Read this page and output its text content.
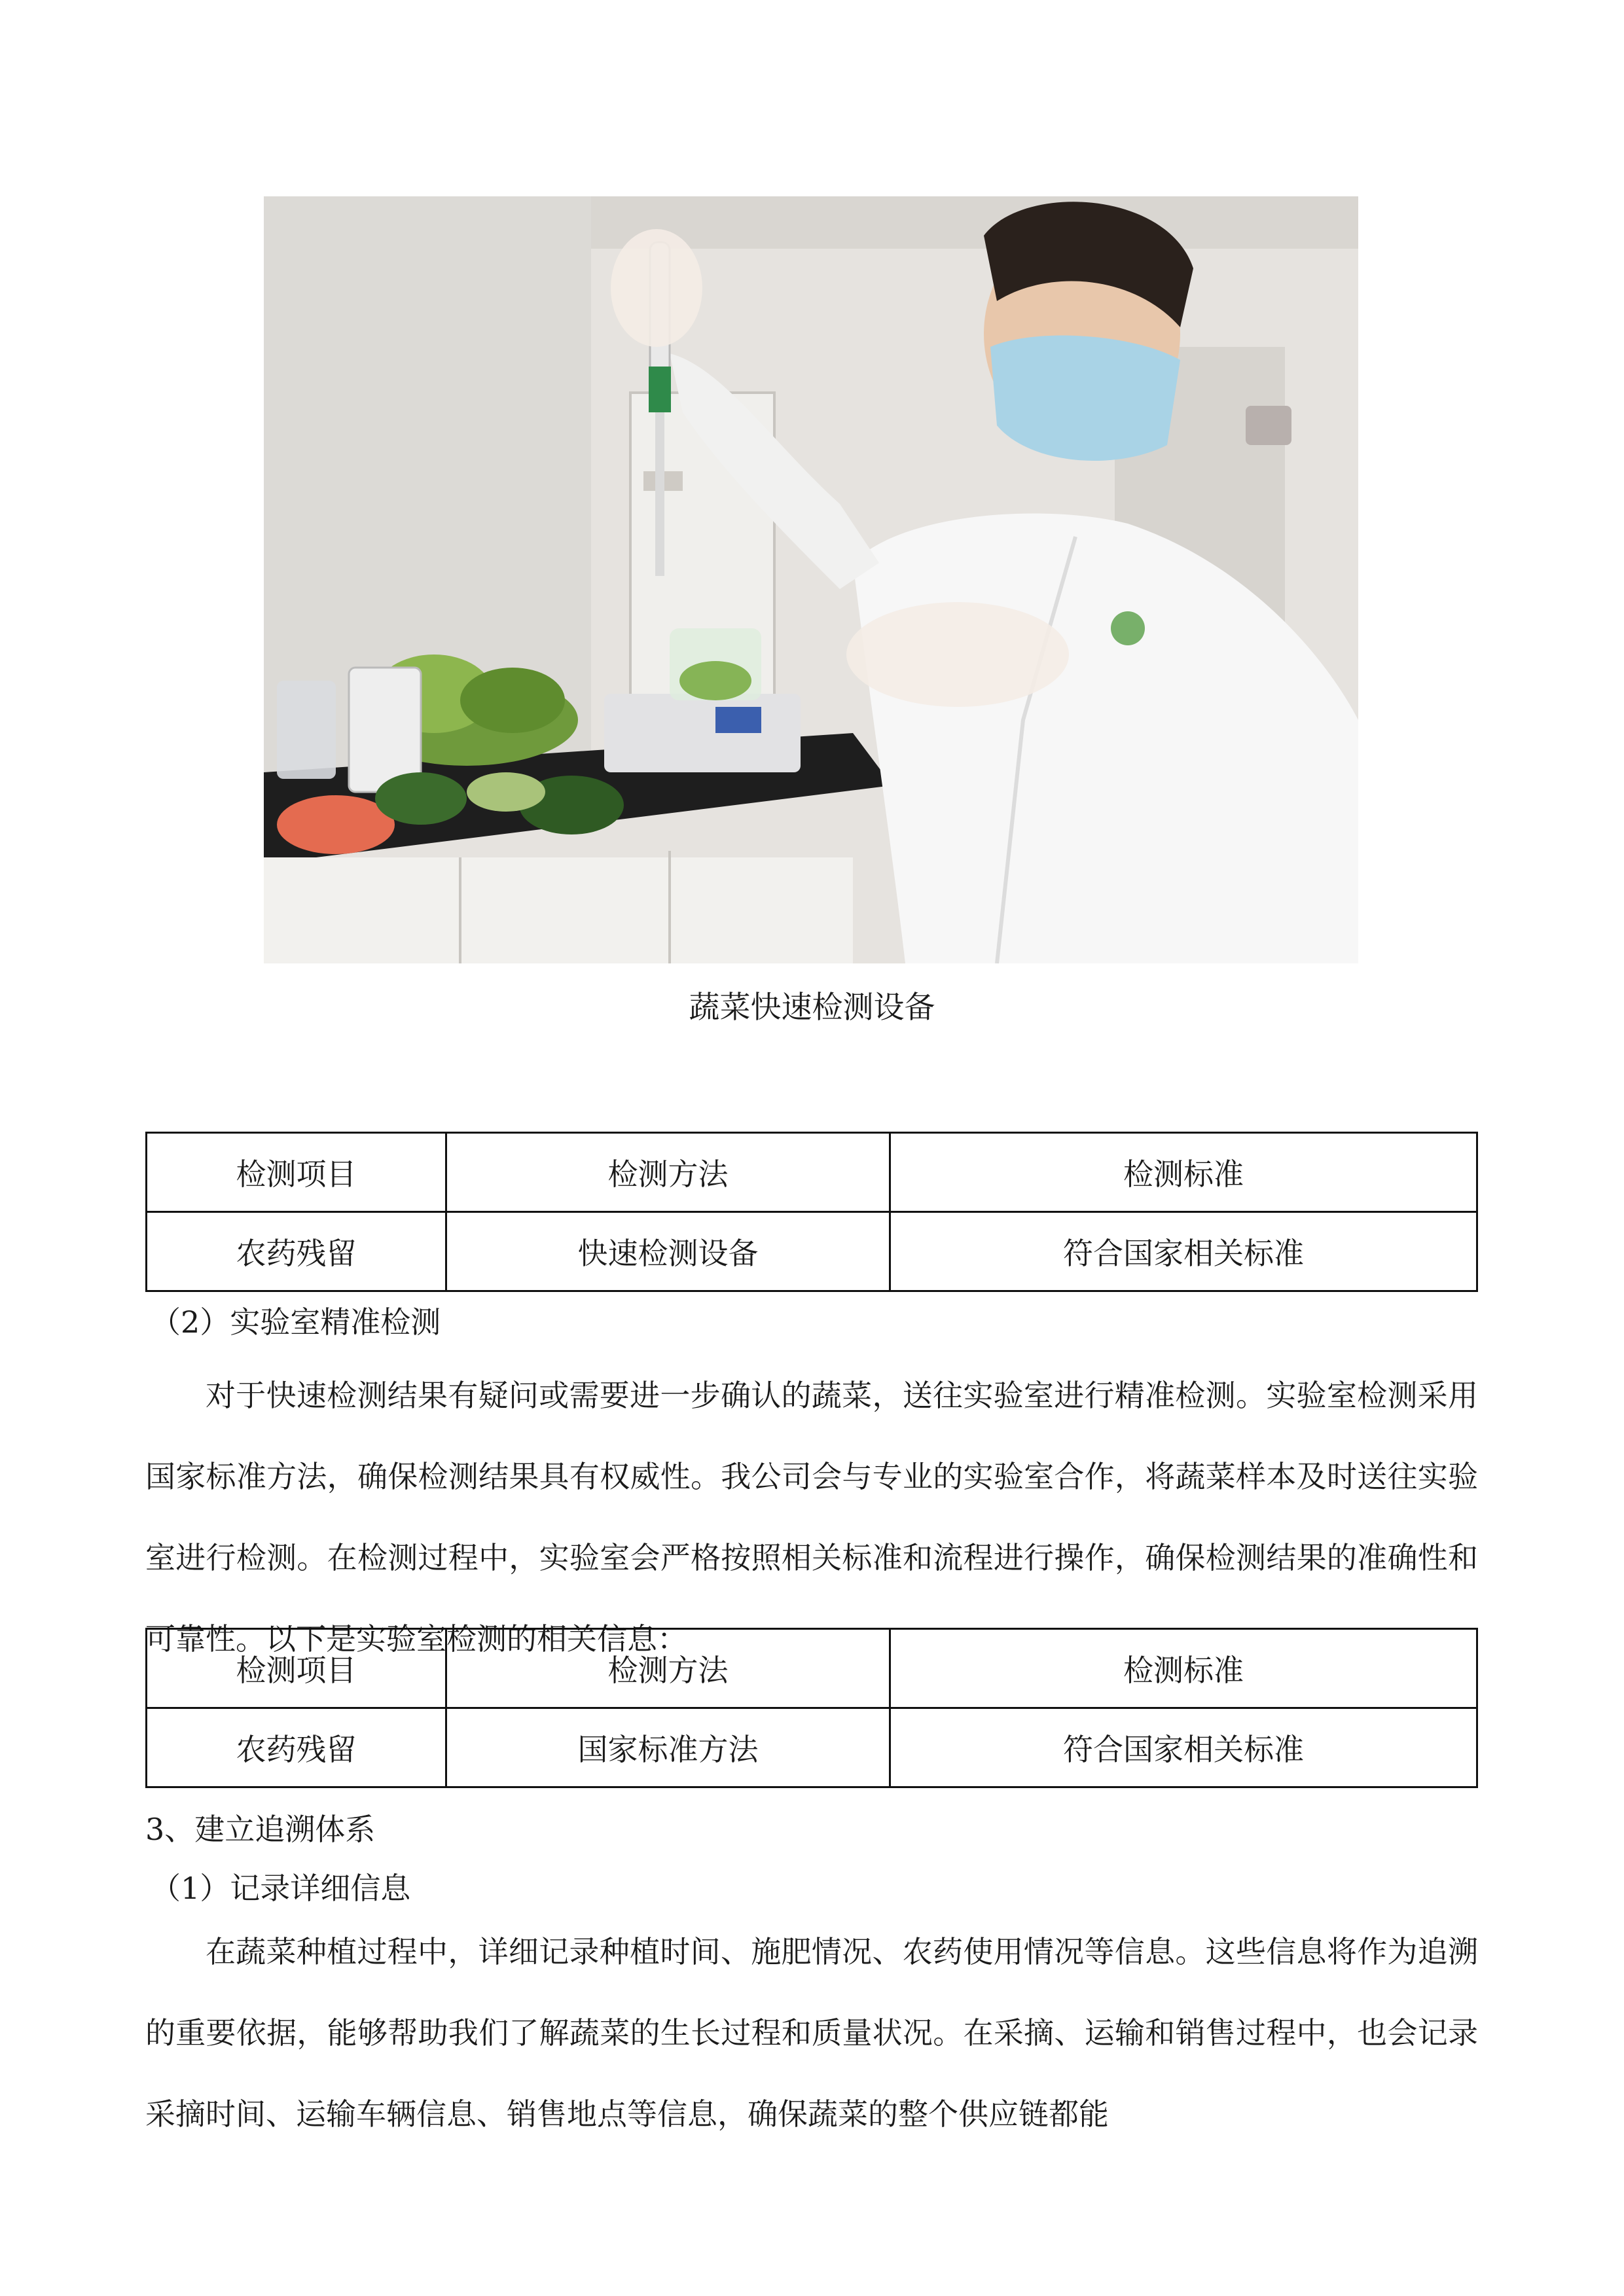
蔬菜快速检测设备
检测项目	检测方法	检测标准
农药残留	快速检测设备	符合国家相关标准
（2）实验室精准检测

对于快速检测结果有疑问或需要进一步确认的蔬菜，送往实验室进行精准检测。实验室检测采用国家标准方法，确保检测结果具有权威性。我公司会与专业的实验室合作，将蔬菜样本及时送往实验室进行检测。在检测过程中，实验室会严格按照相关标准和流程进行操作，确保检测结果的准确性和可靠性。以下是实验室检测的相关信息：

检测项目	检测方法	检测标准
农药残留	国家标准方法	符合国家相关标准
3、建立追溯体系
（1）记录详细信息

在蔬菜种植过程中，详细记录种植时间、施肥情况、农药使用情况等信息。这些信息将作为追溯的重要依据，能够帮助我们了解蔬菜的生长过程和质量状况。在采摘、运输和销售过程中，也会记录采摘时间、运输车辆信息、销售地点等信息，确保蔬菜的整个供应链都能
